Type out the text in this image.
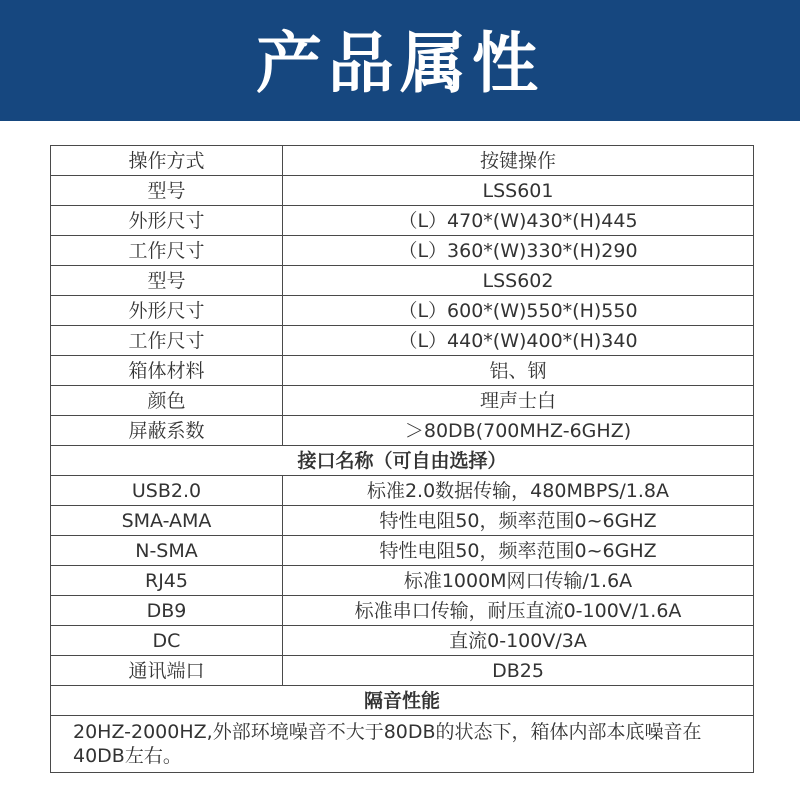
产品属性
操作方式	按键操作
型号	LSS601
外形尺寸	（L）470*(W)430*(H)445
工作尺寸	（L）360*(W)330*(H)290
型号	LSS602
外形尺寸	（L）600*(W)550*(H)550
工作尺寸	（L）440*(W)400*(H)340
箱体材料	铝、钢
颜色	理声士白
屏蔽系数	＞80DB(700MHZ-6GHZ)
接口名称（可自由选择）	
USB2.0	标准2.0数据传输，480MBPS/1.8A
SMA-AMA	特性电阻50，频率范围0~6GHZ
N-SMA	特性电阻50，频率范围0~6GHZ
RJ45	标准1000M网口传输/1.6A
DB9	标准串口传输，耐压直流0-100V/1.6A
DC	直流0-100V/3A
通讯端口	DB25
隔音性能	
20HZ-2000HZ,外部环境噪音不大于80DB的状态下，箱体内部本底噪音在40DB左右。	
